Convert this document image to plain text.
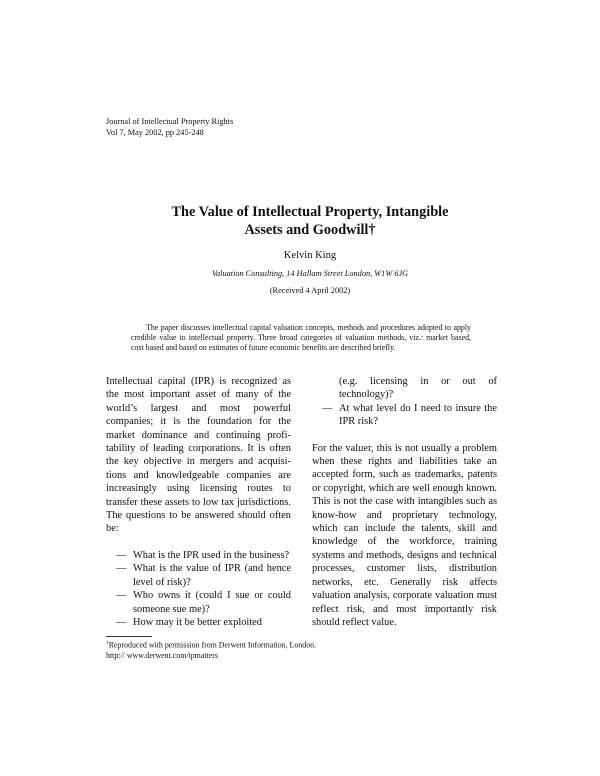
Journal of Intellectual Property Rights
Vol 7, May 2002, pp 245-248
The Value of Intellectual Property, Intangible
Assets and Goodwill†
Kelvin King
Valuation Consulting, 14 Hallam Street London, W1W 6JG
(Received 4 April 2002)
The paper discusses intellectual capital valuation concepts, methods and procedures adopted to apply credible value to intellectual property. Three broad categories of valuation methods, viz.: market based, cost based and based on estimates of future economic benefits are described briefly.

Intellectual capital (IPR) is recognized as the most important asset of many of the world’s largest and most powerful companies; it is the foundation for the market dominance and continuing profi-tability of leading corporations. It is often the key objective in mergers and acquisi-tions and knowledgeable companies are increasingly using licensing routes to transfer these assets to low tax jurisdictions. The questions to be answered should often be:

— What is the IPR used in the business?
— What is the value of IPR (and hence level of risk)?
— Who owns it (could I sue or could someone sue me)?
— How may it be better exploited
(e.g. licensing in or out of technology)?
— At what level do I need to insure the IPR risk?

For the valuer, this is not usually a problem when these rights and liabilities take an accepted form, such as trademarks, patents or copyright, which are well enough known. This is not the case with intangibles such as know-how and proprietary technology, which can include the talents, skill and knowledge of the workforce, training systems and methods, designs and technical processes, customer lists, distribution networks, etc. Generally risk affects valuation analysis, corporate valuation must reflect risk, and most importantly risk should reflect value.

†Reproduced with permission from Derwent Information, London.
http:// www.derwent.com/ipmatters
